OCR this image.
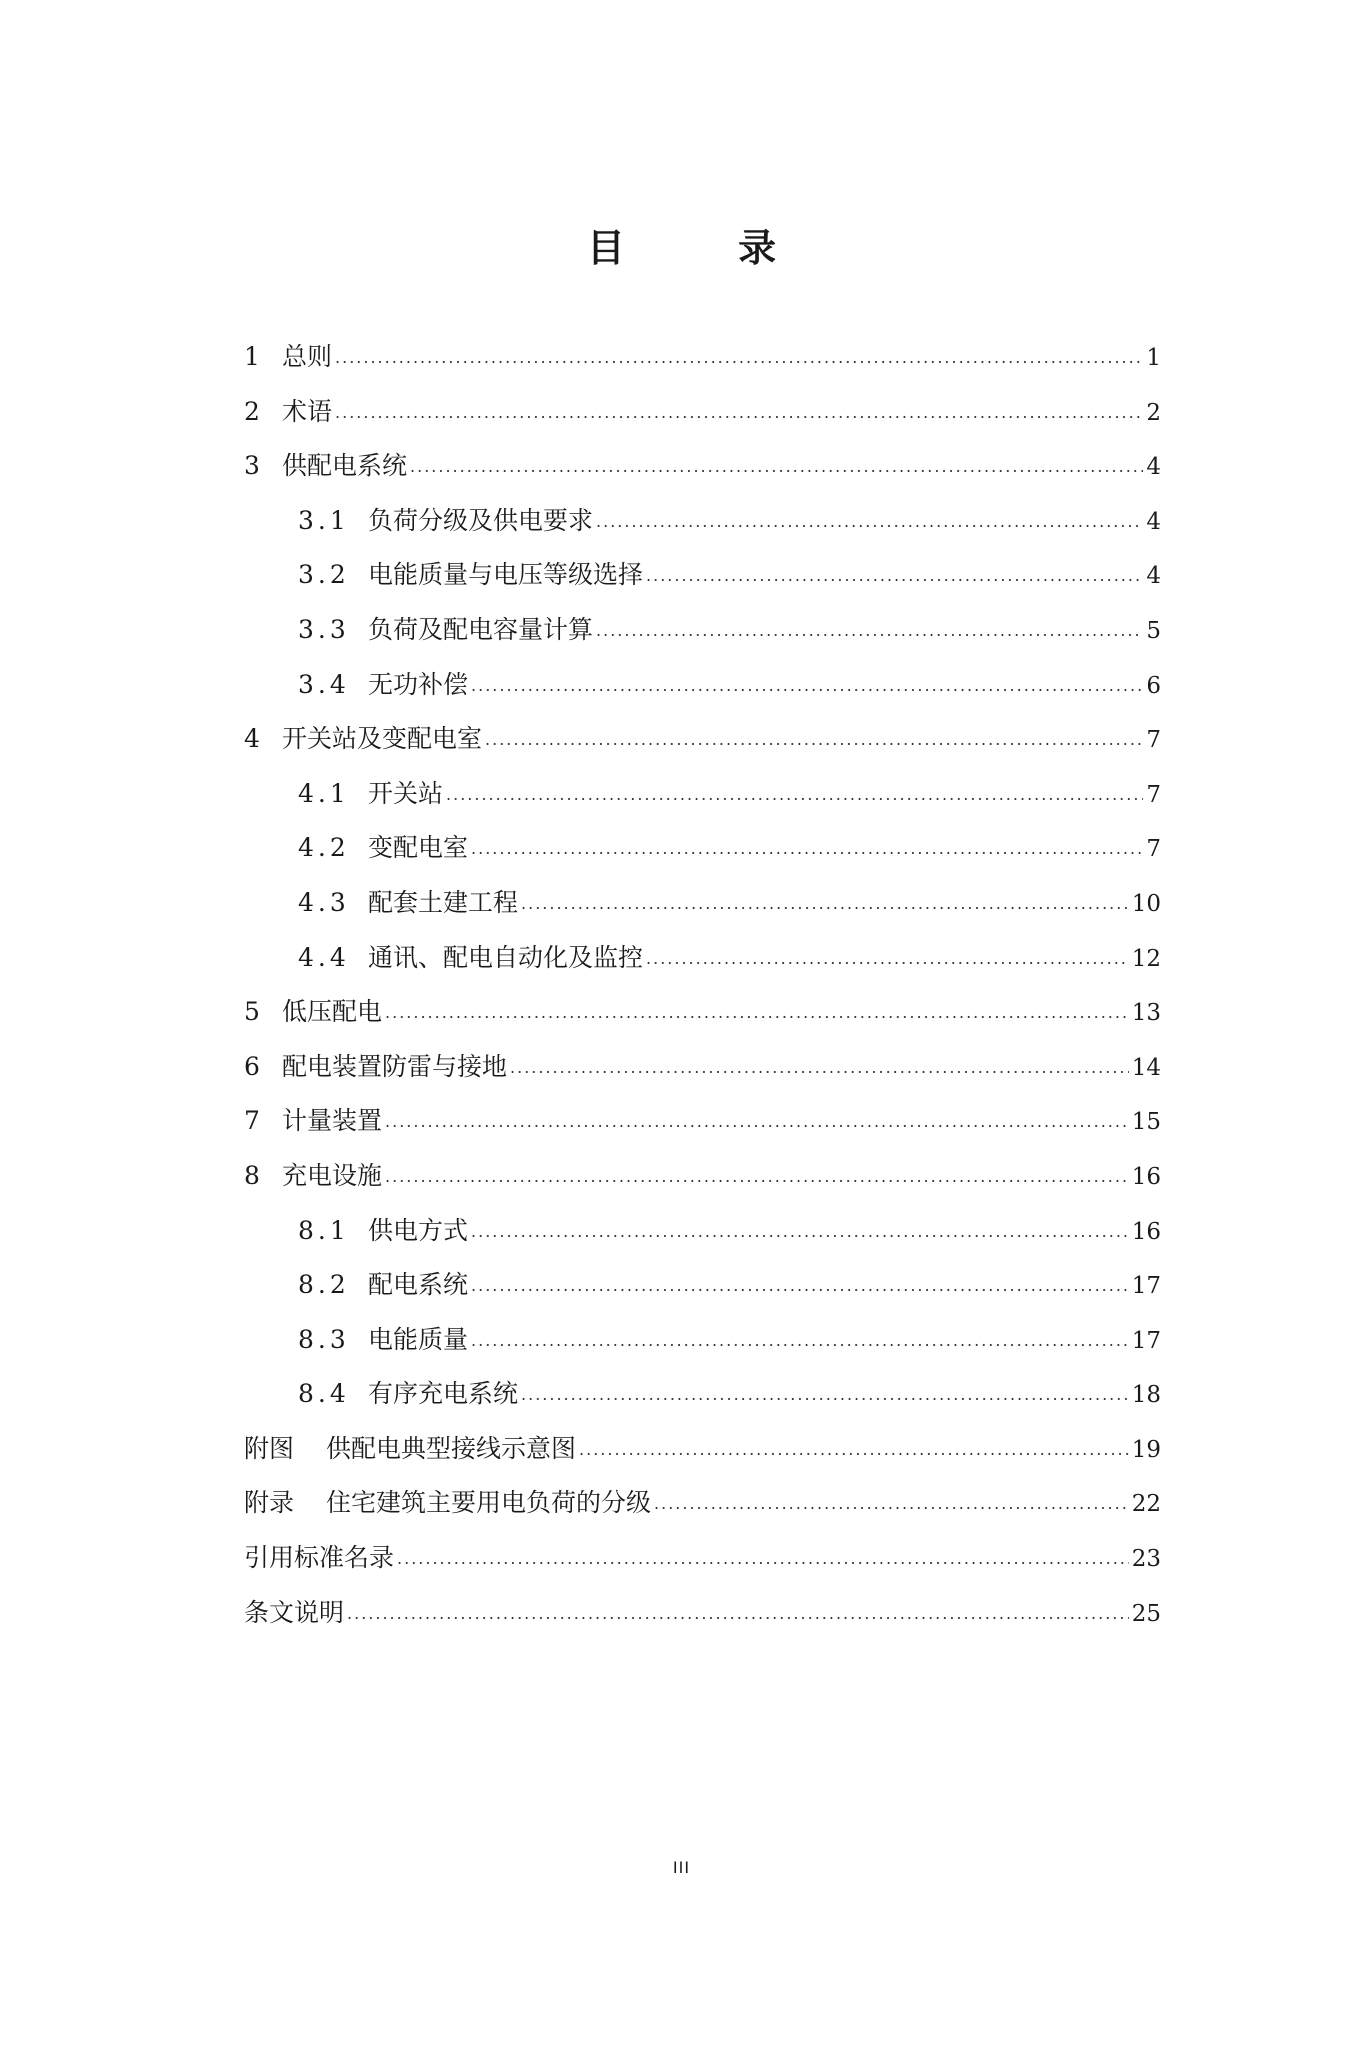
目 录
1 总则 .....	1
2 术语 .....	2
3 供配电系统 .....	4
3.1 负荷分级及供电要求 .....	4
3.2 电能质量与电压等级选择 .....	4
3.3 负荷及配电容量计算 .....	5
3.4 无功补偿 .....	6
4 开关站及变配电室 .....	7
4.1 开关站 .....	7
4.2 变配电室 .....	7
4.3 配套土建工程 .....	10
4.4 通讯、配电自动化及监控 .....	12
5 低压配电 .....	13
6 配电装置防雷与接地 .....	14
7 计量装置 .....	15
8 充电设施 .....	16
8.1 供电方式 .....	16
8.2 配电系统 .....	17
8.3 电能质量 .....	17
8.4 有序充电系统 .....	18
附图	供配电典型接线示意图 .....	19
附录	住宅建筑主要用电负荷的分级 .....	22
引用标准名录 .....	23
条文说明 .....	25
III
